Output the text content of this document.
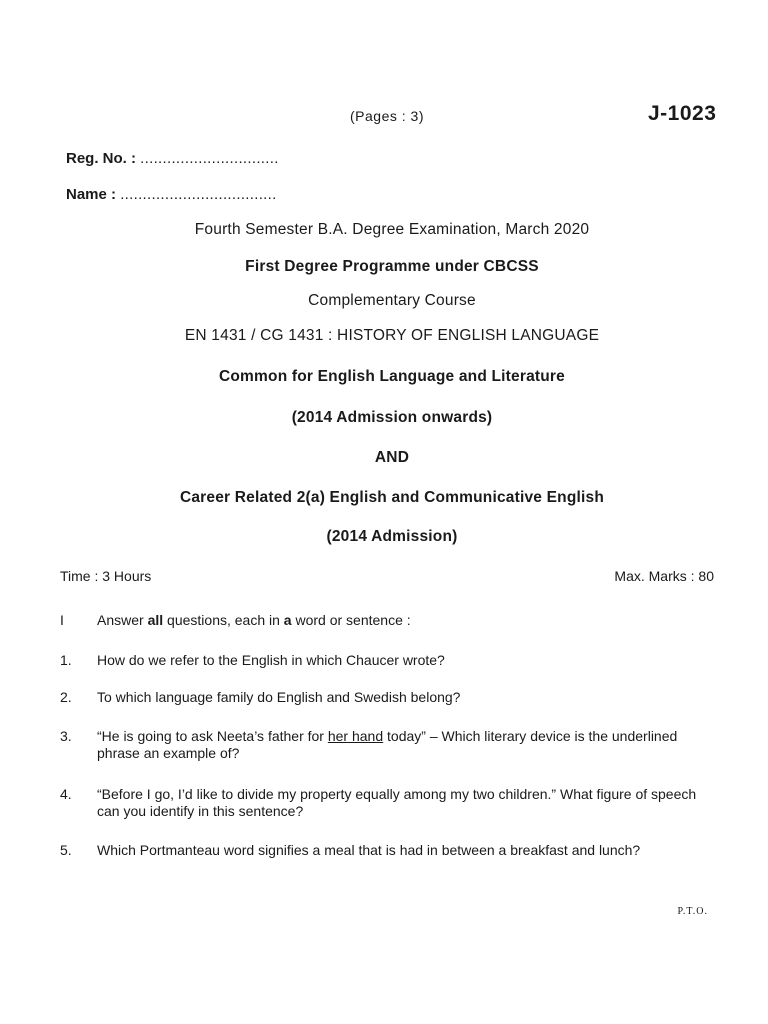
(Pages : 3)	J-1023
Reg. No. : ...............................
Name : ...................................
Fourth Semester B.A. Degree Examination, March 2020
First Degree Programme under CBCSS
Complementary Course
EN 1431 / CG 1431 : HISTORY OF ENGLISH LANGUAGE
Common for English Language and Literature
(2014 Admission onwards)
AND
Career Related 2(a) English and Communicative English
(2014 Admission)
Time : 3 Hours	Max. Marks : 80
I	Answer all questions, each in a word or sentence :
1.	How do we refer to the English in which Chaucer wrote?
2.	To which language family do English and Swedish belong?
3.	“He is going to ask Neeta’s father for her hand today” – Which literary device is the underlined phrase an example of?
4.	“Before I go, I’d like to divide my property equally among my two children.” What figure of speech can you identify in this sentence?
5.	Which Portmanteau word signifies a meal that is had in between a breakfast and lunch?
P.T.O.
